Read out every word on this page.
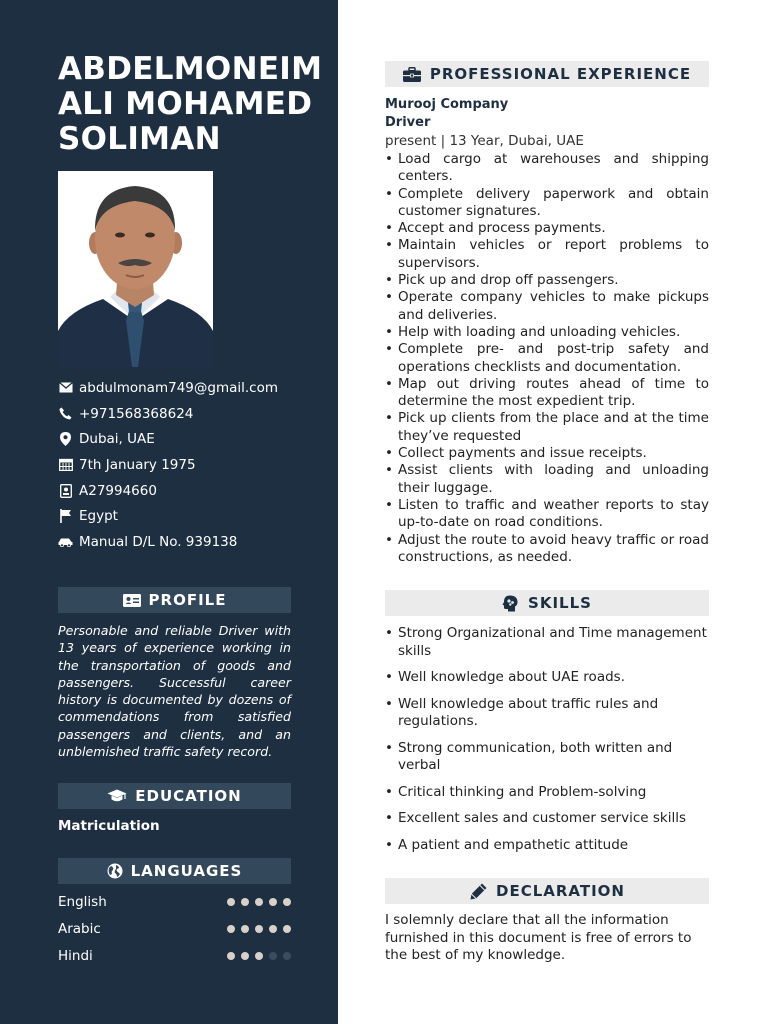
ABDELMONEIM
ALI MOHAMED
SOLIMAN
abdulmonam749@gmail.com
+971568368624
Dubai, UAE
7th January 1975
A27994660
Egypt
Manual D/L No. 939138
PROFILE

Personable and reliable Driver with 13 years of experience working in the transportation of goods and passengers. Successful career history is documented by dozens of commendations from satisfied passengers and clients, and an unblemished traffic safety record.

EDUCATION
Matriculation
LANGUAGES
English
Arabic
Hindi
PROFESSIONAL EXPERIENCE
Murooj Company
Driver
present | 13 Year, Dubai, UAE
• Load cargo at warehouses and shipping centers.
• Complete delivery paperwork and obtain customer signatures.
• Accept and process payments.
• Maintain vehicles or report problems to supervisors.
• Pick up and drop off passengers.
• Operate company vehicles to make pickups and deliveries.
• Help with loading and unloading vehicles.
• Complete pre- and post-trip safety and operations checklists and documentation.
• Map out driving routes ahead of time to determine the most expedient trip.
• Pick up clients from the place and at the time they’ve requested
• Collect payments and issue receipts.
• Assist clients with loading and unloading their luggage.
• Listen to traffic and weather reports to stay up-to-date on road conditions.
• Adjust the route to avoid heavy traffic or road constructions, as needed.
SKILLS
• Strong Organizational and Time management skills
• Well knowledge about UAE roads.
• Well knowledge about traffic rules and regulations.
• Strong communication, both written and verbal
• Critical thinking and Problem-solving
• Excellent sales and customer service skills
• A patient and empathetic attitude
DECLARATION

I solemnly declare that all the information furnished in this document is free of errors to the best of my knowledge.
